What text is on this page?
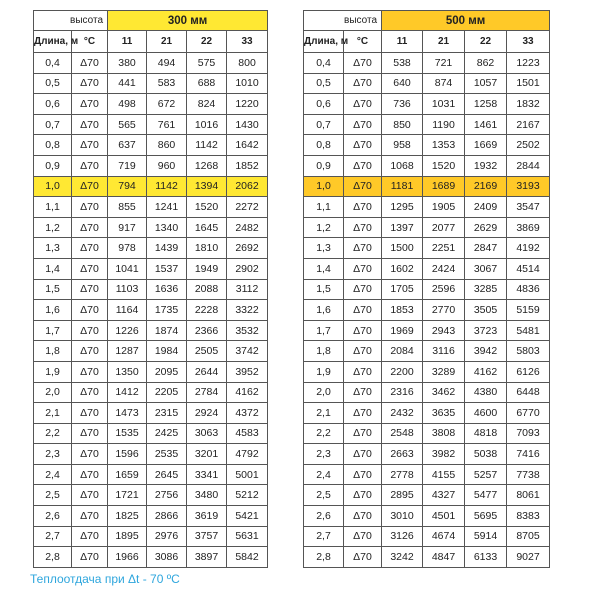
высота		300 мм			
Длина, м	°С	11	21	22	33
0,4	Δ70	380	494	575	800
0,5	Δ70	441	583	688	1010
0,6	Δ70	498	672	824	1220
0,7	Δ70	565	761	1016	1430
0,8	Δ70	637	860	1142	1642
0,9	Δ70	719	960	1268	1852
1,0	Δ70	794	1142	1394	2062
1,1	Δ70	855	1241	1520	2272
1,2	Δ70	917	1340	1645	2482
1,3	Δ70	978	1439	1810	2692
1,4	Δ70	1041	1537	1949	2902
1,5	Δ70	1103	1636	2088	3112
1,6	Δ70	1164	1735	2228	3322
1,7	Δ70	1226	1874	2366	3532
1,8	Δ70	1287	1984	2505	3742
1,9	Δ70	1350	2095	2644	3952
2,0	Δ70	1412	2205	2784	4162
2,1	Δ70	1473	2315	2924	4372
2,2	Δ70	1535	2425	3063	4583
2,3	Δ70	1596	2535	3201	4792
2,4	Δ70	1659	2645	3341	5001
2,5	Δ70	1721	2756	3480	5212
2,6	Δ70	1825	2866	3619	5421
2,7	Δ70	1895	2976	3757	5631
2,8	Δ70	1966	3086	3897	5842
высота		500 мм			
Длина, м	°С	11	21	22	33
0,4	Δ70	538	721	862	1223
0,5	Δ70	640	874	1057	1501
0,6	Δ70	736	1031	1258	1832
0,7	Δ70	850	1190	1461	2167
0,8	Δ70	958	1353	1669	2502
0,9	Δ70	1068	1520	1932	2844
1,0	Δ70	1181	1689	2169	3193
1,1	Δ70	1295	1905	2409	3547
1,2	Δ70	1397	2077	2629	3869
1,3	Δ70	1500	2251	2847	4192
1,4	Δ70	1602	2424	3067	4514
1,5	Δ70	1705	2596	3285	4836
1,6	Δ70	1853	2770	3505	5159
1,7	Δ70	1969	2943	3723	5481
1,8	Δ70	2084	3116	3942	5803
1,9	Δ70	2200	3289	4162	6126
2,0	Δ70	2316	3462	4380	6448
2,1	Δ70	2432	3635	4600	6770
2,2	Δ70	2548	3808	4818	7093
2,3	Δ70	2663	3982	5038	7416
2,4	Δ70	2778	4155	5257	7738
2,5	Δ70	2895	4327	5477	8061
2,6	Δ70	3010	4501	5695	8383
2,7	Δ70	3126	4674	5914	8705
2,8	Δ70	3242	4847	6133	9027
Теплоотдача при Δt - 70 ºС
